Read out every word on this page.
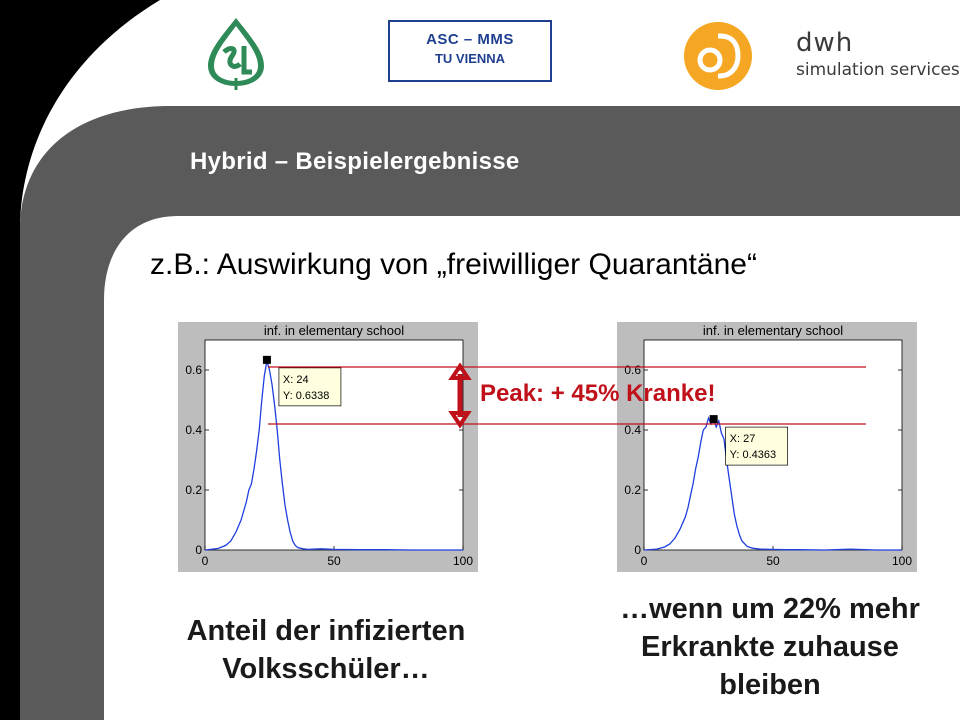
ASC – MMS
TU VIENNA
dwh
simulation services
Hybrid – Beispielergebnisse
z.B.: Auswirkung von „freiwilliger Quarantäne“
inf. in elementary school
0
0.2
0.4
0.6
0	50	100
X: 24
Y: 0.6338
inf. in elementary school
0
0.2
0.4
0.6
0	50	100
X: 27
Y: 0.4363
Peak: + 45% Kranke!
Anteil der infizierten
Volksschüler…
…wenn um 22% mehr
Erkrankte zuhause
bleiben
